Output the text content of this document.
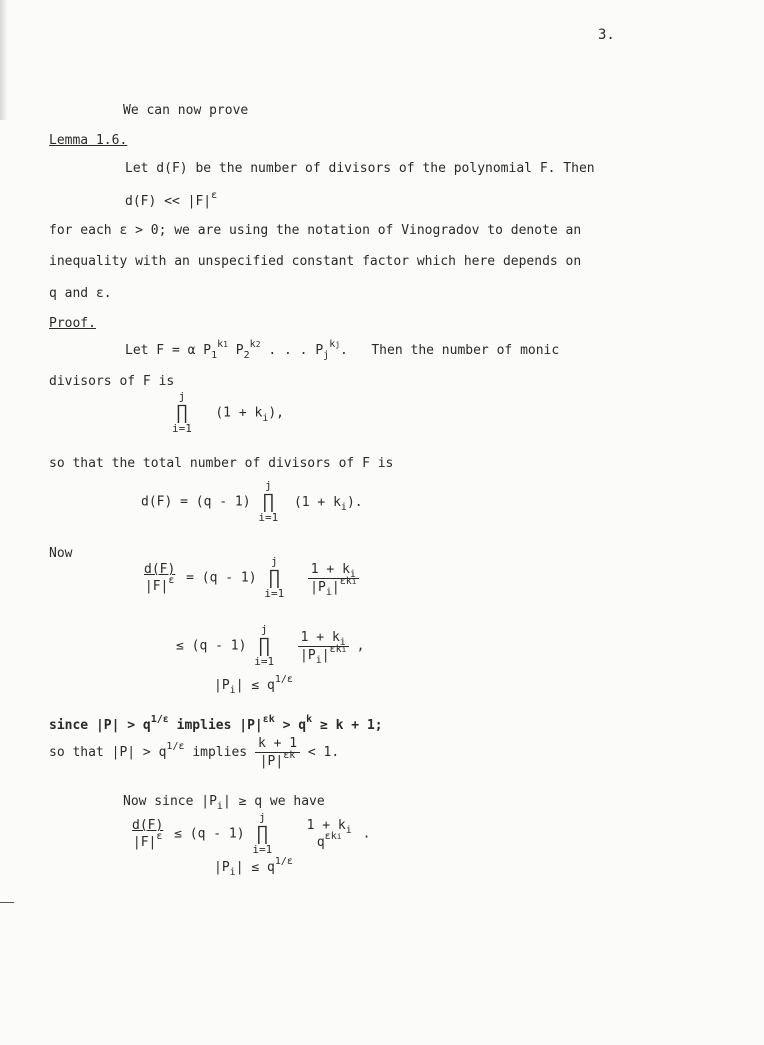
3.
We can now prove
Lemma 1.6.
Let d(F) be the number of divisors of the polynomial F. Then
$d(F) << |F|^\varepsilon$
for each ε > 0; we are using the notation of Vinogradov to denote an
inequality with an unspecified constant factor which here depends on
q and ε.
Proof.
Let F = α $P_1^{k1}$ $P_2^{k2}$ . . . $P_j^{kj}$. Then the number of monic
divisors of F is
j
∏
i=1   $(1 + k_i)$,
so that the total number of divisors of F is
d(F) = (q - 1) j
∏
i=1  $(1 + k_i)$.
Now
$\frac{d(F)}{|F|^\varepsilon} = (q - 1)$ j
∏
$i=1 \frac{1 + k_i}{|P_i|^{\varepsilon ki}}$
≤ (q - 1) j
∏
$i=1 \frac{1 + k_i}{|P_i|^{\varepsilon ki}}$ ,
$|P_i| \le q^{1/\varepsilon}$
since $|P| > q^{1/\varepsilon}$ implies $|P|^{\varepsilon k} > q^k \ge k + 1$;
so that $|P| > q^{1/\varepsilon}$ implies $\frac{k + 1}{|P|^{\varepsilon k}} < 1$.
Now since $|P_i| \ge q$ we have
$\frac{d(F)}{|F|^\varepsilon} \le (q - 1)$ j
∏
i=1
$1 + k_i$
$q^{\varepsilon ki}$	.
$|P_i| \le q^{1/\varepsilon}$
